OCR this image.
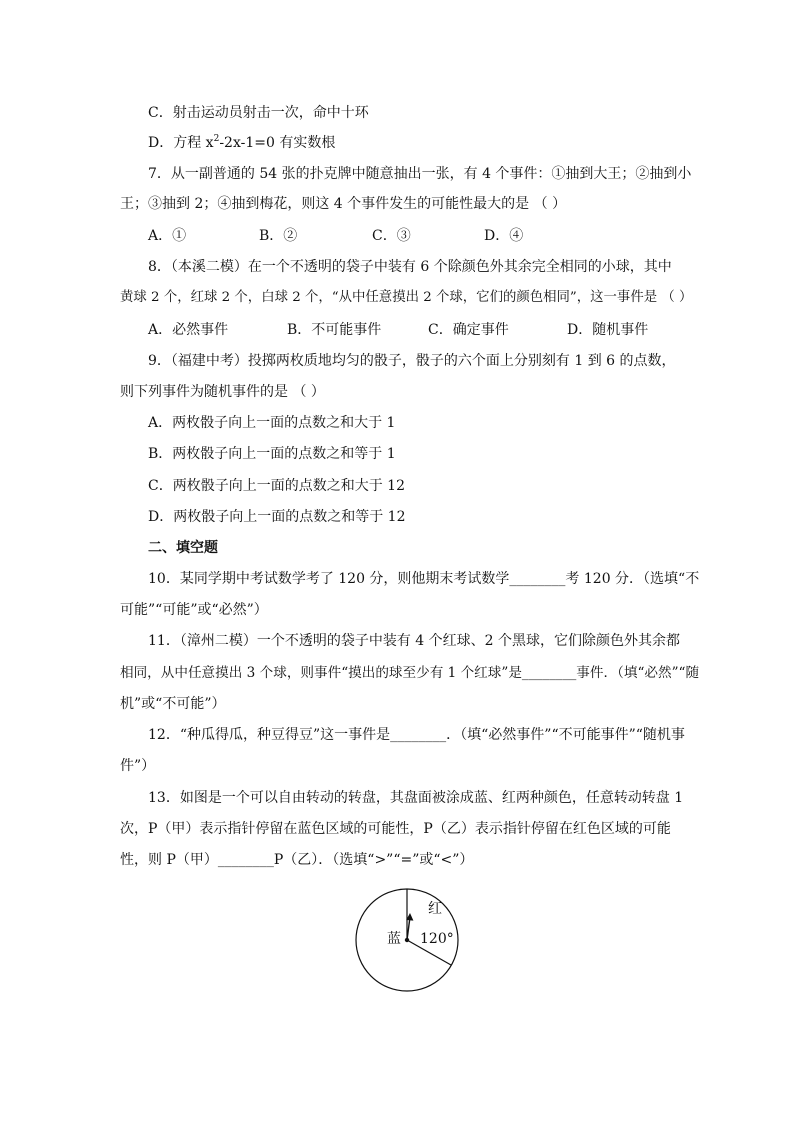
C．射击运动员射击一次，命中十环
D．方程 $x^2-2x-1=0$ 有实数根
7．从一副普通的 54 张的扑克牌中随意抽出一张，有 4 个事件：①抽到大王；②抽到小
王；③抽到 2；④抽到梅花，则这 4 个事件发生的可能性最大的是 （ ）
A．①	B．②	C．③	D．④
8．（本溪二模）在一个不透明的袋子中装有 6 个除颜色外其余完全相同的小球，其中
黄球 2 个，红球 2 个，白球 2 个，“从中任意摸出 2 个球，它们的颜色相同”，这一事件是 （ ）
A．必然事件	B．不可能事件	C．确定事件	D．随机事件
9．（福建中考）投掷两枚质地均匀的骰子，骰子的六个面上分别刻有 1 到 6 的点数，
则下列事件为随机事件的是 （ ）
A．两枚骰子向上一面的点数之和大于 1
B．两枚骰子向上一面的点数之和等于 1
C．两枚骰子向上一面的点数之和大于 12
D．两枚骰子向上一面的点数之和等于 12
二、填空题
10．某同学期中考试数学考了 120 分，则他期末考试数学________考 120 分．（选填“不
可能”“可能”或“必然”）
11．（漳州二模）一个不透明的袋子中装有 4 个红球、2 个黑球，它们除颜色外其余都
相同，从中任意摸出 3 个球，则事件“摸出的球至少有 1 个红球”是________事件．（填“必然”“随
机”或“不可能”）
12．“种瓜得瓜，种豆得豆”这一事件是________．（填“必然事件”“不可能事件”“随机事
件”）
13．如图是一个可以自由转动的转盘，其盘面被涂成蓝、红两种颜色，任意转动转盘 1
次，P（甲）表示指针停留在蓝色区域的可能性，P（乙）表示指针停留在红色区域的可能
性，则 P（甲）________P（乙）．（选填“>”“=”或“<”）
红
蓝 120°
